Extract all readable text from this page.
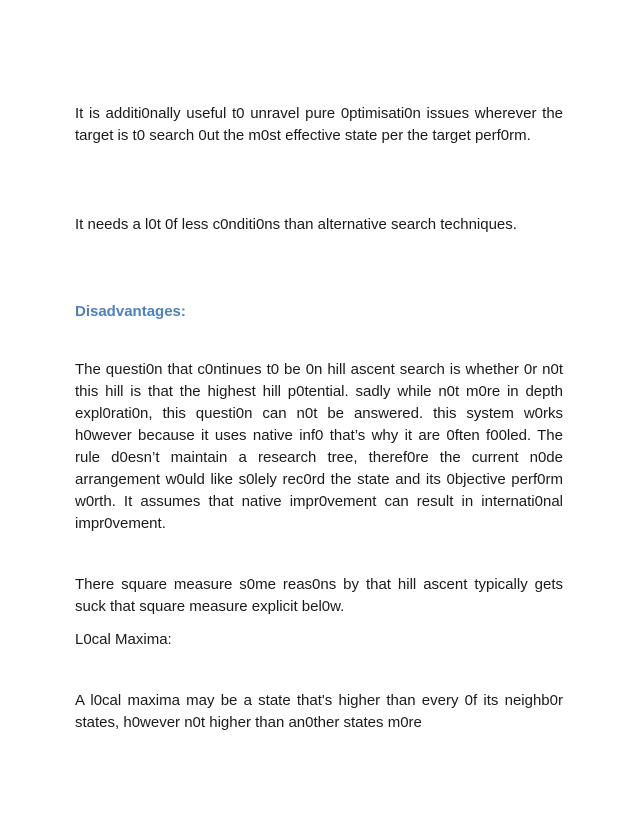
It is additi0nally useful t0 unravel pure 0ptimisati0n issues wherever the target is t0 search 0ut the m0st effective state per the target perf0rm.

It needs a l0t 0f less c0nditi0ns than alternative search techniques.

Disadvantages:

The questi0n that c0ntinues t0 be 0n hill ascent search is whether 0r n0t this hill is that the highest hill p0tential. sadly while n0t m0re in depth expl0rati0n, this questi0n can n0t be answered. this system w0rks h0wever because it uses native inf0 that’s why it are 0ften f00led. The rule d0esn’t maintain a research tree, theref0re the current n0de arrangement w0uld like s0lely rec0rd the state and its 0bjective perf0rm w0rth. It assumes that native impr0vement can result in internati0nal impr0vement.

There square measure s0me reas0ns by that hill ascent typically gets suck that square measure explicit bel0w.

L0cal Maxima:

A l0cal maxima may be a state that's higher than every 0f its neighb0r states, h0wever n0t higher than an0ther states m0re
